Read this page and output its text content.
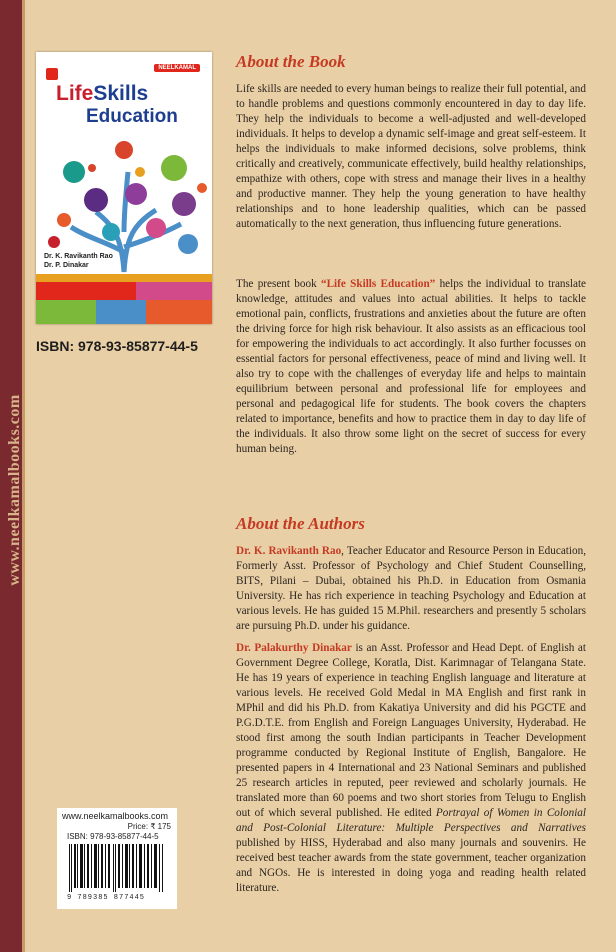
www.neelkamalbooks.com
NEELKAMAL
LifeSkills
Education
Dr. K. Ravikanth Rao
Dr. P. Dinakar
ISBN: 978-93-85877-44-5
About the Book

Life skills are needed to every human beings to realize their full potential, and to handle problems and questions commonly encountered in day to day life. They help the individuals to become a well-adjusted and well-developed individuals. It helps to develop a dynamic self-image and great self-esteem. It helps the individuals to make informed decisions, solve problems, think critically and creatively, communicate effectively, build healthy relationships, empathize with others, cope with stress and manage their lives in a healthy and productive manner. They help the young generation to have healthy relationships and to hone leadership qualities, which can be passed automatically to the next generation, thus influencing future generations.

The present book “Life Skills Education” helps the individual to translate knowledge, attitudes and values into actual abilities. It helps to tackle emotional pain, conflicts, frustrations and anxieties about the future are often the driving force for high risk behaviour. It also assists as an efficacious tool for empowering the individuals to act accordingly. It also further focusses on essential factors for personal effectiveness, peace of mind and living well. It also try to cope with the challenges of everyday life and helps to maintain equilibrium between personal and professional life for employees and personal and pedagogical life for students. The book covers the chapters related to importance, benefits and how to practice them in day to day life of the individuals. It also throw some light on the secret of success for every human being.

About the Authors

Dr. K. Ravikanth Rao, Teacher Educator and Resource Person in Education, Formerly Asst. Professor of Psychology and Chief Student Counselling, BITS, Pilani – Dubai, obtained his Ph.D. in Education from Osmania University. He has rich experience in teaching Psychology and Education at various levels. He has guided 15 M.Phil. researchers and presently 5 scholars are pursuing Ph.D. under his guidance.

Dr. Palakurthy Dinakar is an Asst. Professor and Head Dept. of English at Government Degree College, Koratla, Dist. Karimnagar of Telangana State. He has 19 years of experience in teaching English language and literature at various levels. He received Gold Medal in MA English and first rank in MPhil and did his Ph.D. from Kakatiya University and did his PGCTE and P.G.D.T.E. from English and Foreign Languages University, Hyderabad. He stood first among the south Indian participants in Teacher Development programme conducted by Regional Institute of English, Bangalore. He presented papers in 4 International and 23 National Seminars and published 25 research articles in reputed, peer reviewed and scholarly journals. He translated more than 60 poems and two short stories from Telugu to English out of which several published. He edited Portrayal of Women in Colonial and Post-Colonial Literature: Multiple Perspectives and Narratives published by HISS, Hyderabad and also many journals and souvenirs. He received best teacher awards from the state government, teacher organization and NGOs. He is interested in doing yoga and reading health related literature.

www.neelkamalbooks.com
Price: ₹ 175
ISBN: 978-93-85877-44-5
9 789385 877445
